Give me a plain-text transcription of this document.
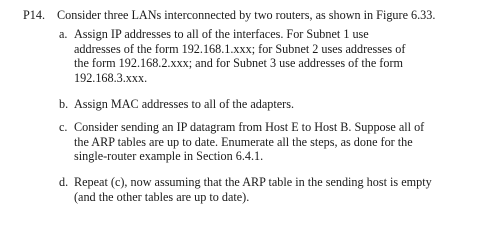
P14. Consider three LANs interconnected by two routers, as shown in Figure 6.33.
a. Assign IP addresses to all of the interfaces. For Subnet 1 use
addresses of the form 192.168.1.xxx; for Subnet 2 uses addresses of
the form 192.168.2.xxx; and for Subnet 3 use addresses of the form
192.168.3.xxx.
b. Assign MAC addresses to all of the adapters.
c. Consider sending an IP datagram from Host E to Host B. Suppose all of
the ARP tables are up to date. Enumerate all the steps, as done for the
single-router example in Section 6.4.1.
d. Repeat (c), now assuming that the ARP table in the sending host is empty
(and the other tables are up to date).
